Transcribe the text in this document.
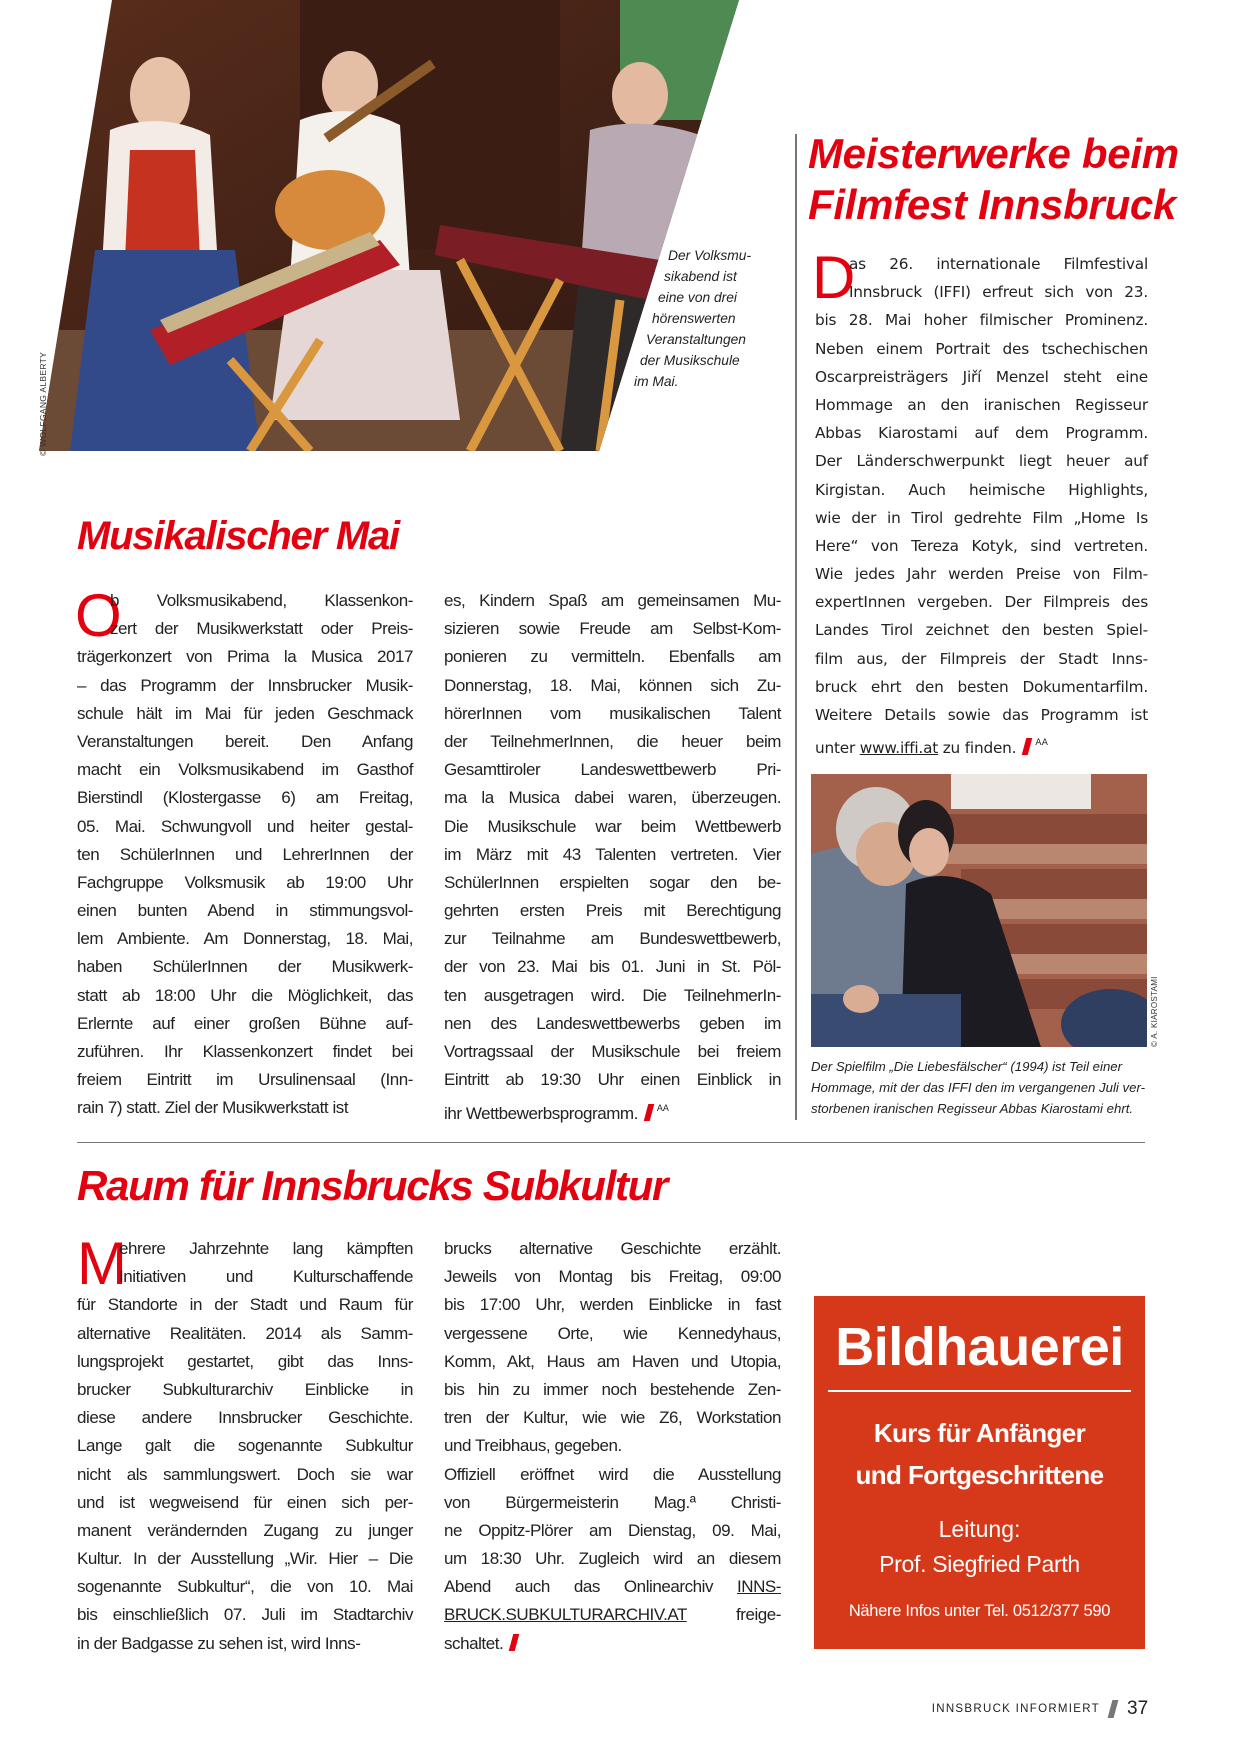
© WOLFGANG ALBERTY
Der Volksmu-
sikabend ist
eine von drei
hörenswerten
Veranstaltungen
der Musikschule
im Mai.
Meisterwerke beim
Filmfest Innsbruck
D
as 26. internationale Filmfestival
Innsbruck (IFFI) erfreut sich von 23.
bis 28. Mai hoher filmischer Prominenz.
Neben einem Portrait des tschechischen
Oscarpreisträgers Jiří Menzel steht eine
Hommage an den iranischen Regisseur
Abbas Kiarostami auf dem Programm.
Der Länderschwerpunkt liegt heuer auf
Kirgistan. Auch heimische Highlights,
wie der in Tirol gedrehte Film „Home Is
Here“ von Tereza Kotyk, sind vertreten.
Wie jedes Jahr werden Preise von Film-
expertInnen vergeben. Der Filmpreis des
Landes Tirol zeichnet den besten Spiel-
film aus, der Filmpreis der Stadt Inns-
bruck ehrt den besten Dokumentarfilm.
Weitere Details sowie das Programm ist
unter www.iffi.at zu finden. $^{AA}$
© A. KIAROSTAMI
Der Spielfilm „Die Liebesfälscher“ (1994) ist Teil einer
Hommage, mit der das IFFI den im vergangenen Juli ver-
storbenen iranischen Regisseur Abbas Kiarostami ehrt.
Musikalischer Mai
O
b Volksmusikabend, Klassenkon-
zert der Musikwerkstatt oder Preis-
trägerkonzert von Prima la Musica 2017
– das Programm der Innsbrucker Musik-
schule hält im Mai für jeden Geschmack
Veranstaltungen bereit. Den Anfang
macht ein Volksmusikabend im Gasthof
Bierstindl (Klostergasse 6) am Freitag,
05. Mai. Schwungvoll und heiter gestal-
ten SchülerInnen und LehrerInnen der
Fachgruppe Volksmusik ab 19:00 Uhr
einen bunten Abend in stimmungsvol-
lem Ambiente. Am Donnerstag, 18. Mai,
haben SchülerInnen der Musikwerk-
statt ab 18:00 Uhr die Möglichkeit, das
Erlernte auf einer großen Bühne auf-
zuführen. Ihr Klassenkonzert findet bei
freiem Eintritt im Ursulinensaal (Inn-
rain 7) statt. Ziel der Musikwerkstatt ist
es, Kindern Spaß am gemeinsamen Mu-
sizieren sowie Freude am Selbst-Kom-
ponieren zu vermitteln. Ebenfalls am
Donnerstag, 18. Mai, können sich Zu-
hörerInnen vom musikalischen Talent
der TeilnehmerInnen, die heuer beim
Gesamttiroler Landeswettbewerb Pri-
ma la Musica dabei waren, überzeugen.
Die Musikschule war beim Wettbewerb
im März mit 43 Talenten vertreten. Vier
SchülerInnen erspielten sogar den be-
gehrten ersten Preis mit Berechtigung
zur Teilnahme am Bundeswettbewerb,
der von 23. Mai bis 01. Juni in St. Pöl-
ten ausgetragen wird. Die TeilnehmerIn-
nen des Landeswettbewerbs geben im
Vortragssaal der Musikschule bei freiem
Eintritt ab 19:30 Uhr einen Einblick in
ihr Wettbewerbsprogramm. $^{AA}$
Raum für Innsbrucks Subkultur
M
ehrere Jahrzehnte lang kämpften
Initiativen und Kulturschaffende
für Standorte in der Stadt und Raum für
alternative Realitäten. 2014 als Samm-
lungsprojekt gestartet, gibt das Inns-
brucker Subkulturarchiv Einblicke in
diese andere Innsbrucker Geschichte.
Lange galt die sogenannte Subkultur
nicht als sammlungswert. Doch sie war
und ist wegweisend für einen sich per-
manent verändernden Zugang zu junger
Kultur. In der Ausstellung „Wir. Hier – Die
sogenannte Subkultur“, die von 10. Mai
bis einschließlich 07. Juli im Stadtarchiv
in der Badgasse zu sehen ist, wird Inns-
brucks alternative Geschichte erzählt.
Jeweils von Montag bis Freitag, 09:00
bis 17:00 Uhr, werden Einblicke in fast
vergessene Orte, wie Kennedyhaus,
Komm, Akt, Haus am Haven und Utopia,
bis hin zu immer noch bestehende Zen-
tren der Kultur, wie wie Z6, Workstation
und Treibhaus, gegeben.
Offiziell eröffnet wird die Ausstellung
von Bürgermeisterin Mag.ª Christi-
ne Oppitz-Plörer am Dienstag, 09. Mai,
um 18:30 Uhr. Zugleich wird an diesem
Abend auch das Onlinearchiv INNS-
BRUCK.SUBKULTURARCHIV.AT freige-
schaltet.
Bildhauerei
Kurs für Anfänger
und Fortgeschrittene
Leitung:
Prof. Siegfried Parth
Nähere Infos unter Tel. 0512/377 590
INNSBRUCK INFORMIERT 37
